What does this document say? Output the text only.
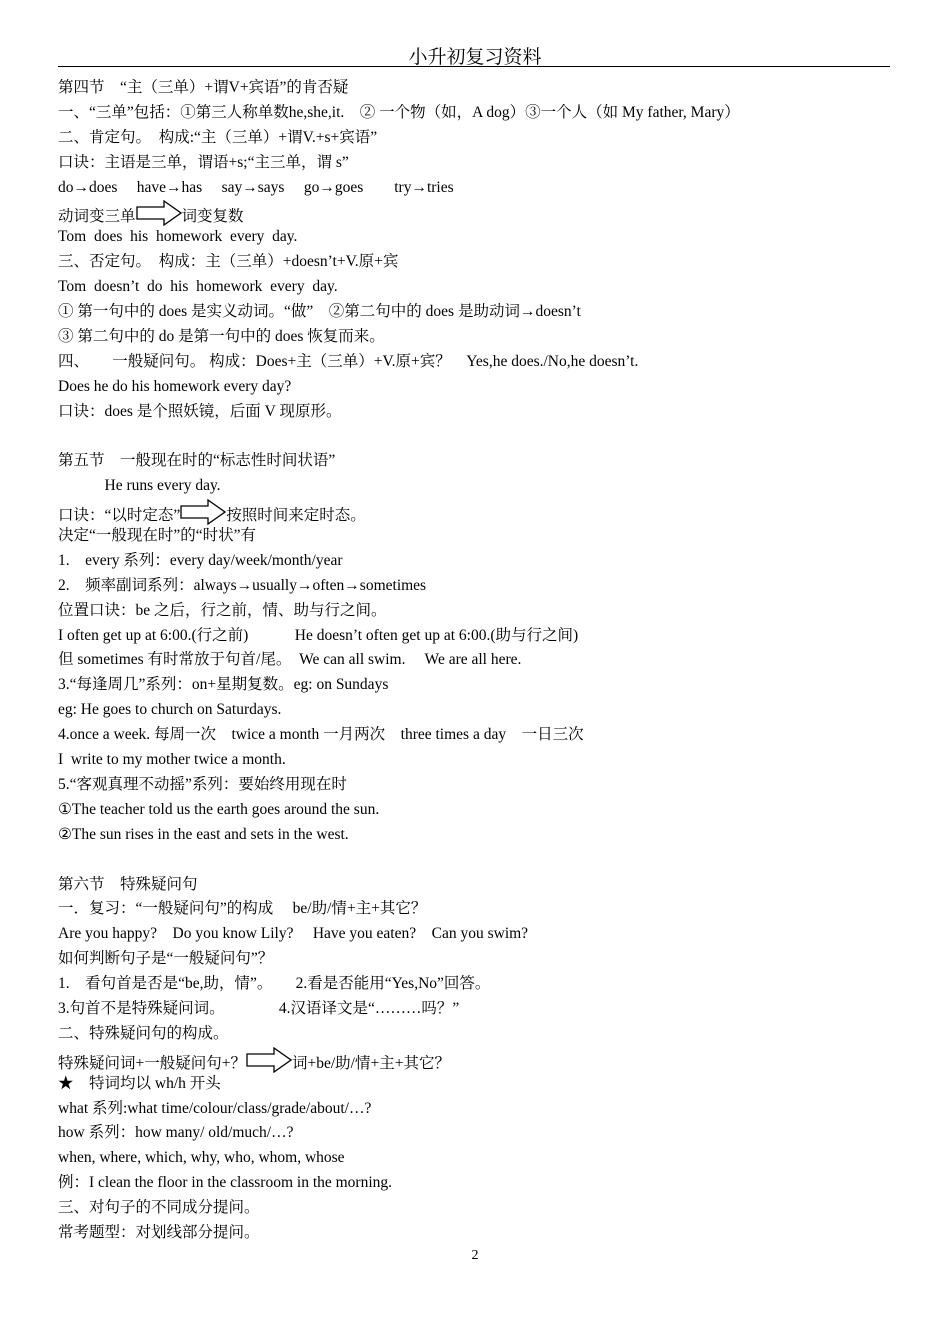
小升初复习资料
第四节　“主（三单）+谓V+宾语”的肯否疑
一、“三单”包括：①第三人称单数he,she,it.　② 一个物（如，A dog）③一个人（如 My father, Mary）
二、肯定句。　构成:“主（三单）+谓V.+s+宾语”
口诀：主语是三单，谓语+s;“主三单，谓 s”
do→does　 have→has　 say→says　 go→goes　　try→tries
动词变三单	词变复数
Tom  does  his  homework  every  day.
三、否定句。　构成：主（三单）+doesn’t+V.原+宾
Tom  doesn’t  do  his  homework  every  day.
① 第一句中的 does 是实义动词。“做”　②第二句中的 does 是助动词→doesn’t
③ 第二句中的 do 是第一句中的 does 恢复而来。
四、　　一般疑问句。 构成：Does+主（三单）+V.原+宾？　Yes,he does./No,he doesn’t.
Does he do his homework every day?
口诀：does 是个照妖镜，后面 V 现原形。
第五节　一般现在时的“标志性时间状语”
　　　He runs every day.
口诀：“以时定态”	按照时间来定时态。
决定“一般现在时”的“时状”有
1.　every 系列：every day/week/month/year
2.　频率副词系列：always→usually→often→sometimes
位置口诀：be 之后，行之前，情、助与行之间。
I often get up at 6:00.(行之前)　　　He doesn’t often get up at 6:00.(助与行之间)
但 sometimes 有时常放于句首/尾。　We can all swim.　 We are all here.
3.“每逢周几”系列：on+星期复数。eg: on Sundays
eg: He goes to church on Saturdays.
4.once a week. 每周一次　twice a month 一月两次　three times a day　一日三次
I  write to my mother twice a month.
5.“客观真理不动摇”系列：要始终用现在时
①The teacher told us the earth goes around the sun.
②The sun rises in the east and sets in the west.
第六节　特殊疑问句
一．复习：“一般疑问句”的构成　 be/助/情+主+其它？
Are you happy?　Do you know Lily?　 Have you eaten?　Can you swim?
如何判断句子是“一般疑问句”？
1.　看句首是否是“be,助，情”。　　2.看是否能用“Yes,No”回答。
3.句首不是特殊疑问词。　　　　4.汉语译文是“………吗？”
二、特殊疑问句的构成。
特殊疑问词+一般疑问句+？	词+be/助/情+主+其它？
★　特词均以 wh/h 开头
what 系列:what time/colour/class/grade/about/…?
how 系列：how many/ old/much/…?
when, where, which, why, who, whom, whose
例：I clean the floor in the classroom in the morning.
三、对句子的不同成分提问。
常考题型：对划线部分提问。
2
